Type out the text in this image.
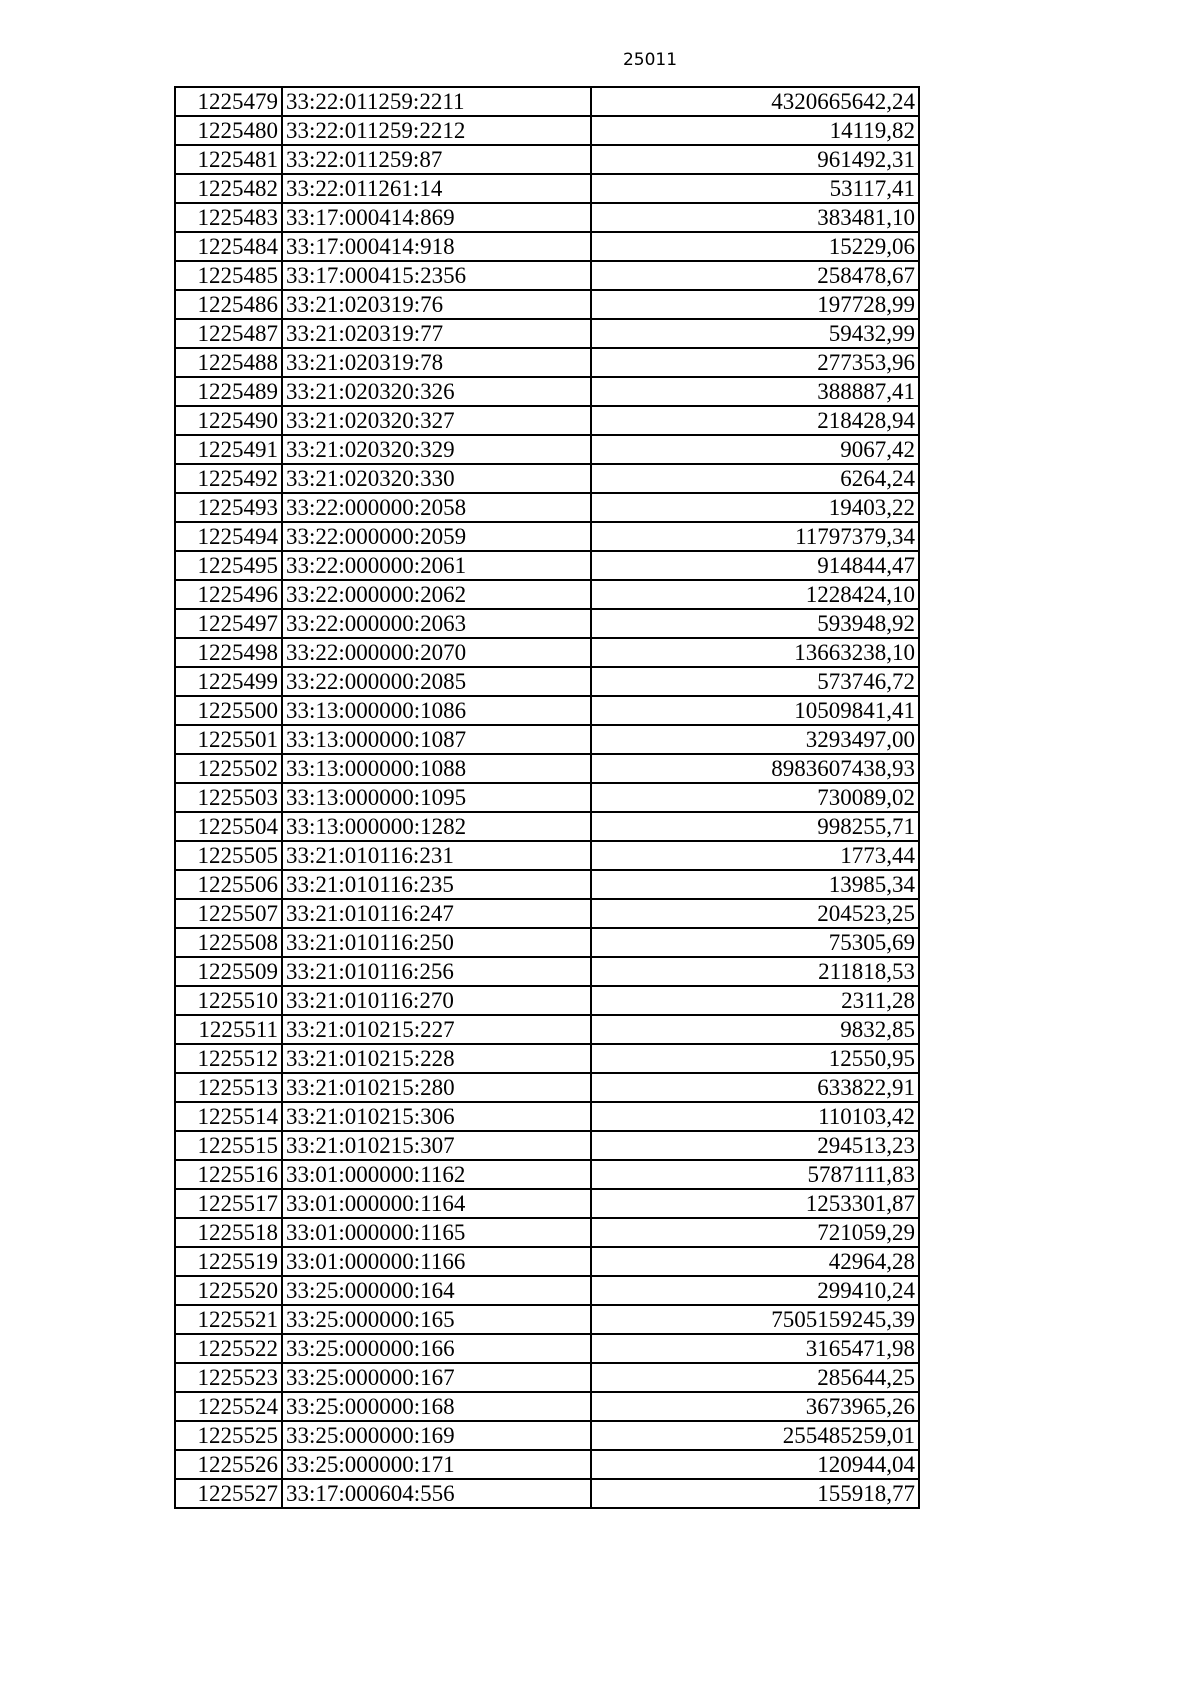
25011
1225479	33:22:011259:2211	4320665642,24
1225480	33:22:011259:2212	14119,82
1225481	33:22:011259:87	961492,31
1225482	33:22:011261:14	53117,41
1225483	33:17:000414:869	383481,10
1225484	33:17:000414:918	15229,06
1225485	33:17:000415:2356	258478,67
1225486	33:21:020319:76	197728,99
1225487	33:21:020319:77	59432,99
1225488	33:21:020319:78	277353,96
1225489	33:21:020320:326	388887,41
1225490	33:21:020320:327	218428,94
1225491	33:21:020320:329	9067,42
1225492	33:21:020320:330	6264,24
1225493	33:22:000000:2058	19403,22
1225494	33:22:000000:2059	11797379,34
1225495	33:22:000000:2061	914844,47
1225496	33:22:000000:2062	1228424,10
1225497	33:22:000000:2063	593948,92
1225498	33:22:000000:2070	13663238,10
1225499	33:22:000000:2085	573746,72
1225500	33:13:000000:1086	10509841,41
1225501	33:13:000000:1087	3293497,00
1225502	33:13:000000:1088	8983607438,93
1225503	33:13:000000:1095	730089,02
1225504	33:13:000000:1282	998255,71
1225505	33:21:010116:231	1773,44
1225506	33:21:010116:235	13985,34
1225507	33:21:010116:247	204523,25
1225508	33:21:010116:250	75305,69
1225509	33:21:010116:256	211818,53
1225510	33:21:010116:270	2311,28
1225511	33:21:010215:227	9832,85
1225512	33:21:010215:228	12550,95
1225513	33:21:010215:280	633822,91
1225514	33:21:010215:306	110103,42
1225515	33:21:010215:307	294513,23
1225516	33:01:000000:1162	5787111,83
1225517	33:01:000000:1164	1253301,87
1225518	33:01:000000:1165	721059,29
1225519	33:01:000000:1166	42964,28
1225520	33:25:000000:164	299410,24
1225521	33:25:000000:165	7505159245,39
1225522	33:25:000000:166	3165471,98
1225523	33:25:000000:167	285644,25
1225524	33:25:000000:168	3673965,26
1225525	33:25:000000:169	255485259,01
1225526	33:25:000000:171	120944,04
1225527	33:17:000604:556	155918,77
